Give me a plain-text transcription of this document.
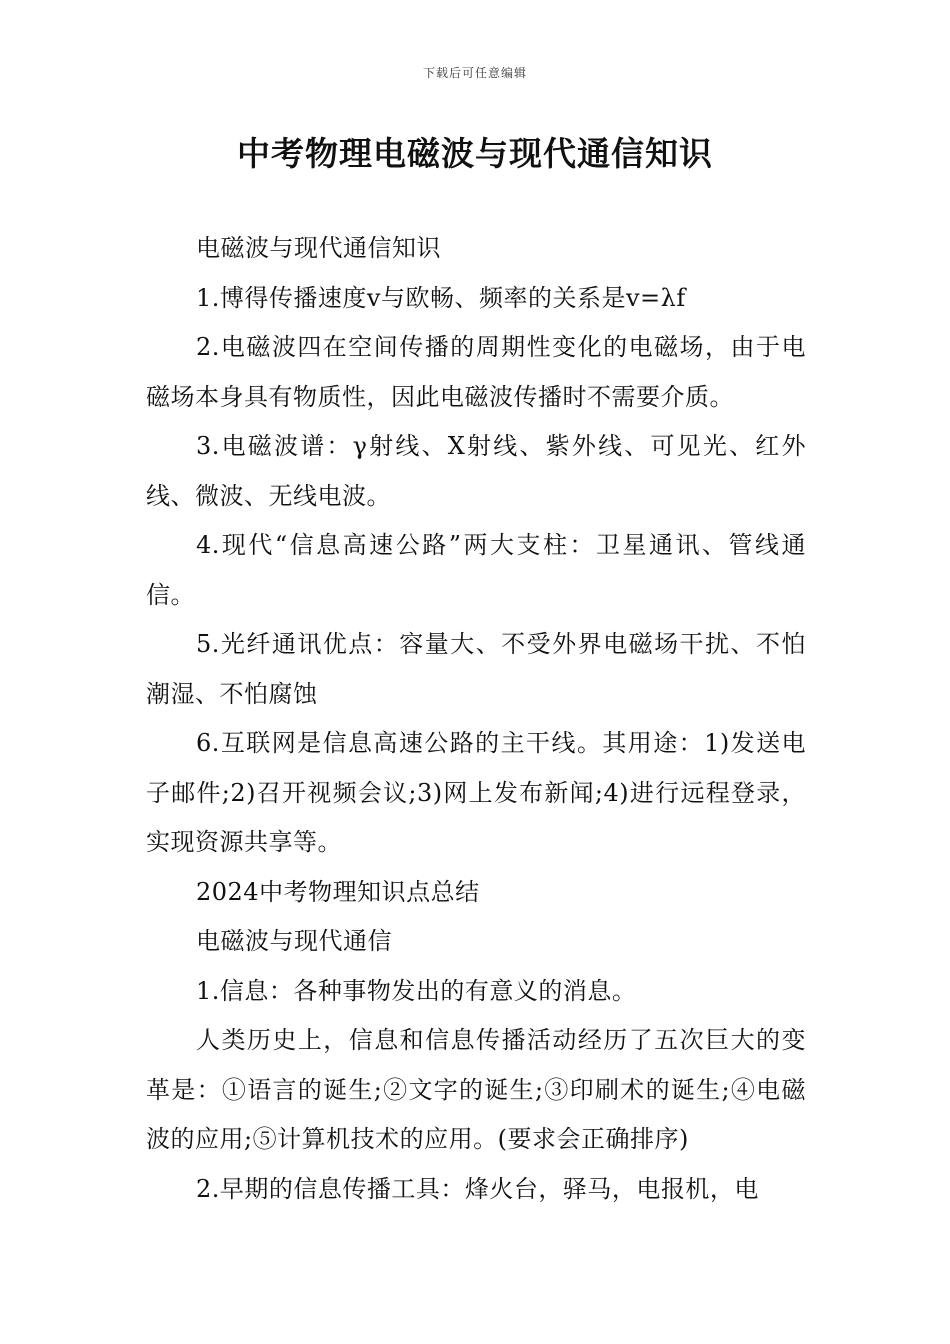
下载后可任意编辑
中考物理电磁波与现代通信知识

电磁波与现代通信知识

1.博得传播速度v与欧畅、频率的关系是v=λf

2.电磁波四在空间传播的周期性变化的电磁场，由于电磁场本身具有物质性，因此电磁波传播时不需要介质。

3.电磁波谱：γ射线、X射线、紫外线、可见光、红外线、微波、无线电波。

4.现代“信息高速公路”两大支柱：卫星通讯、管线通信。

5.光纤通讯优点：容量大、不受外界电磁场干扰、不怕潮湿、不怕腐蚀

6.互联网是信息高速公路的主干线。其用途：1)发送电子邮件;2)召开视频会议;3)网上发布新闻;4)进行远程登录，实现资源共享等。

2024中考物理知识点总结

电磁波与现代通信

1.信息：各种事物发出的有意义的消息。

人类历史上，信息和信息传播活动经历了五次巨大的变革是：①语言的诞生;②文字的诞生;③印刷术的诞生;④电磁波的应用;⑤计算机技术的应用。(要求会正确排序)

2.早期的信息传播工具：烽火台，驿马，电报机，电
